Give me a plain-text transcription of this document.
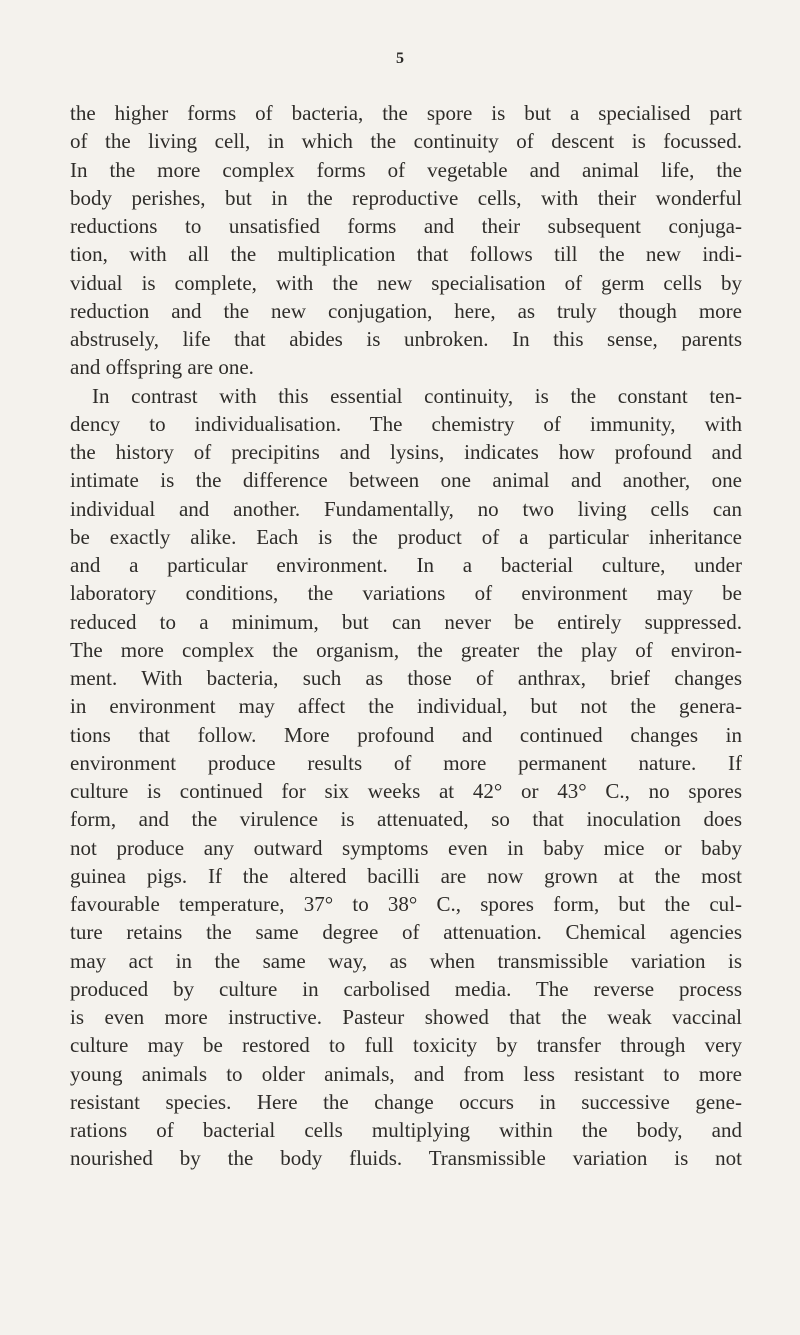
5
the higher forms of bacteria, the spore is but a specialised part
of the living cell, in which the continuity of descent is focussed.
In the more complex forms of vegetable and animal life, the
body perishes, but in the reproductive cells, with their wonderful
reductions to unsatisfied forms and their subsequent conjuga-
tion, with all the multiplication that follows till the new indi-
vidual is complete, with the new specialisation of germ cells by
reduction and the new conjugation, here, as truly though more
abstrusely, life that abides is unbroken. In this sense, parents
and offspring are one.
In contrast with this essential continuity, is the constant ten-
dency to individualisation. The chemistry of immunity, with
the history of precipitins and lysins, indicates how profound and
intimate is the difference between one animal and another, one
individual and another. Fundamentally, no two living cells can
be exactly alike. Each is the product of a particular inheritance
and a particular environment. In a bacterial culture, under
laboratory conditions, the variations of environment may be
reduced to a minimum, but can never be entirely suppressed.
The more complex the organism, the greater the play of environ-
ment. With bacteria, such as those of anthrax, brief changes
in environment may affect the individual, but not the genera-
tions that follow. More profound and continued changes in
environment produce results of more permanent nature. If
culture is continued for six weeks at 42° or 43° C., no spores
form, and the virulence is attenuated, so that inoculation does
not produce any outward symptoms even in baby mice or baby
guinea pigs. If the altered bacilli are now grown at the most
favourable temperature, 37° to 38° C., spores form, but the cul-
ture retains the same degree of attenuation. Chemical agencies
may act in the same way, as when transmissible variation is
produced by culture in carbolised media. The reverse process
is even more instructive. Pasteur showed that the weak vaccinal
culture may be restored to full toxicity by transfer through very
young animals to older animals, and from less resistant to more
resistant species. Here the change occurs in successive gene-
rations of bacterial cells multiplying within the body, and
nourished by the body fluids. Transmissible variation is not
